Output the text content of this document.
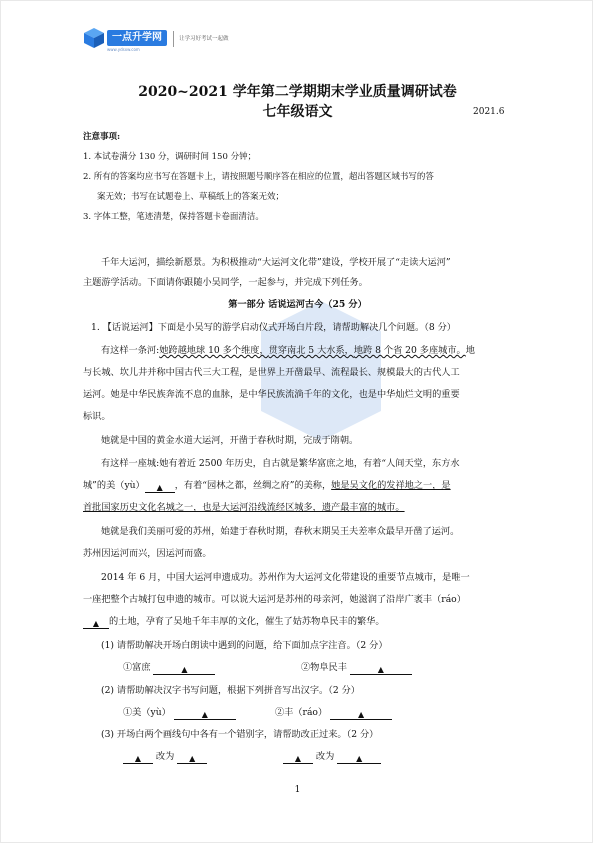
一点升学网
www.ydsxw.com
让学习好考试一起做
2020~2021 学年第二学期期末学业质量调研试卷
七年级语文	2021.6
注意事项:
1. 本试卷满分 130 分，调研时间 150 分钟；
2. 所有的答案均应书写在答题卡上，请按照题号顺序答在相应的位置，超出答题区域书写的答
案无效；书写在试题卷上、草稿纸上的答案无效；
3. 字体工整，笔迹清楚，保持答题卡卷面清洁。
千年大运河，描绘新愿景。为积极推动“大运河文化带”建设，学校开展了“走读大运河”
主题游学活动。下面请你跟随小吴同学，一起参与，并完成下列任务。
第一部分 话说运河古今（25 分）
1. 【话说运河】下面是小吴写的游学启动仪式开场白片段，请帮助解决几个问题。（8 分）
有这样一条河:她跨越地球 10 多个维度，贯穿南北 5 大水系，地跨 8 个省 20 多座城市。地
与长城、坎儿井并称中国古代三大工程，是世界上开凿最早、流程最长、规模最大的古代人工
运河。她是中华民族奔流不息的血脉，是中华民族流淌千年的文化，也是中华灿烂文明的重要
标识。
她就是中国的黄金水道大运河，开凿于春秋时期，完成于隋朝。
有这样一座城:她有着近 2500 年历史，自古就是繁华富庶之地，有着“人间天堂，东方水
城”的美（yù） ▲ ，有着“园林之都，丝绸之府”的美称，她是吴文化的发祥地之一，是
首批国家历史文化名城之一，也是大运河沿线流经区城多，遗产最丰富的城市。
她就是我们美丽可爱的苏州，始建于春秋时期，春秋末期吴王夫差率众最早开凿了运河。
苏州因运河而兴，因运河而盛。
2014 年 6 月，中国大运河申遗成功。苏州作为大运河文化带建设的重要节点城市，是唯一
一座把整个古城打包申遗的城市。可以说大运河是苏州的母亲河，她滋润了沿岸广袤丰（ráo）
▲ 的土地，孕育了吴地千年丰厚的文化，催生了姑苏物阜民丰的繁华。
(1) 请帮助解决开场白朗读中遇到的问题，给下面加点字注音。（2 分）
①富庶	▲	②物阜民丰	▲
(2) 请帮助解决汉字书写问题，根据下列拼音写出汉字。（2 分）
①美（yù）	▲	②丰（ráo）	▲
(3) 开场白两个画线句中各有一个错别字，请帮助改正过来。（2 分）
▲ 改为 ▲	▲ 改为	▲
1
